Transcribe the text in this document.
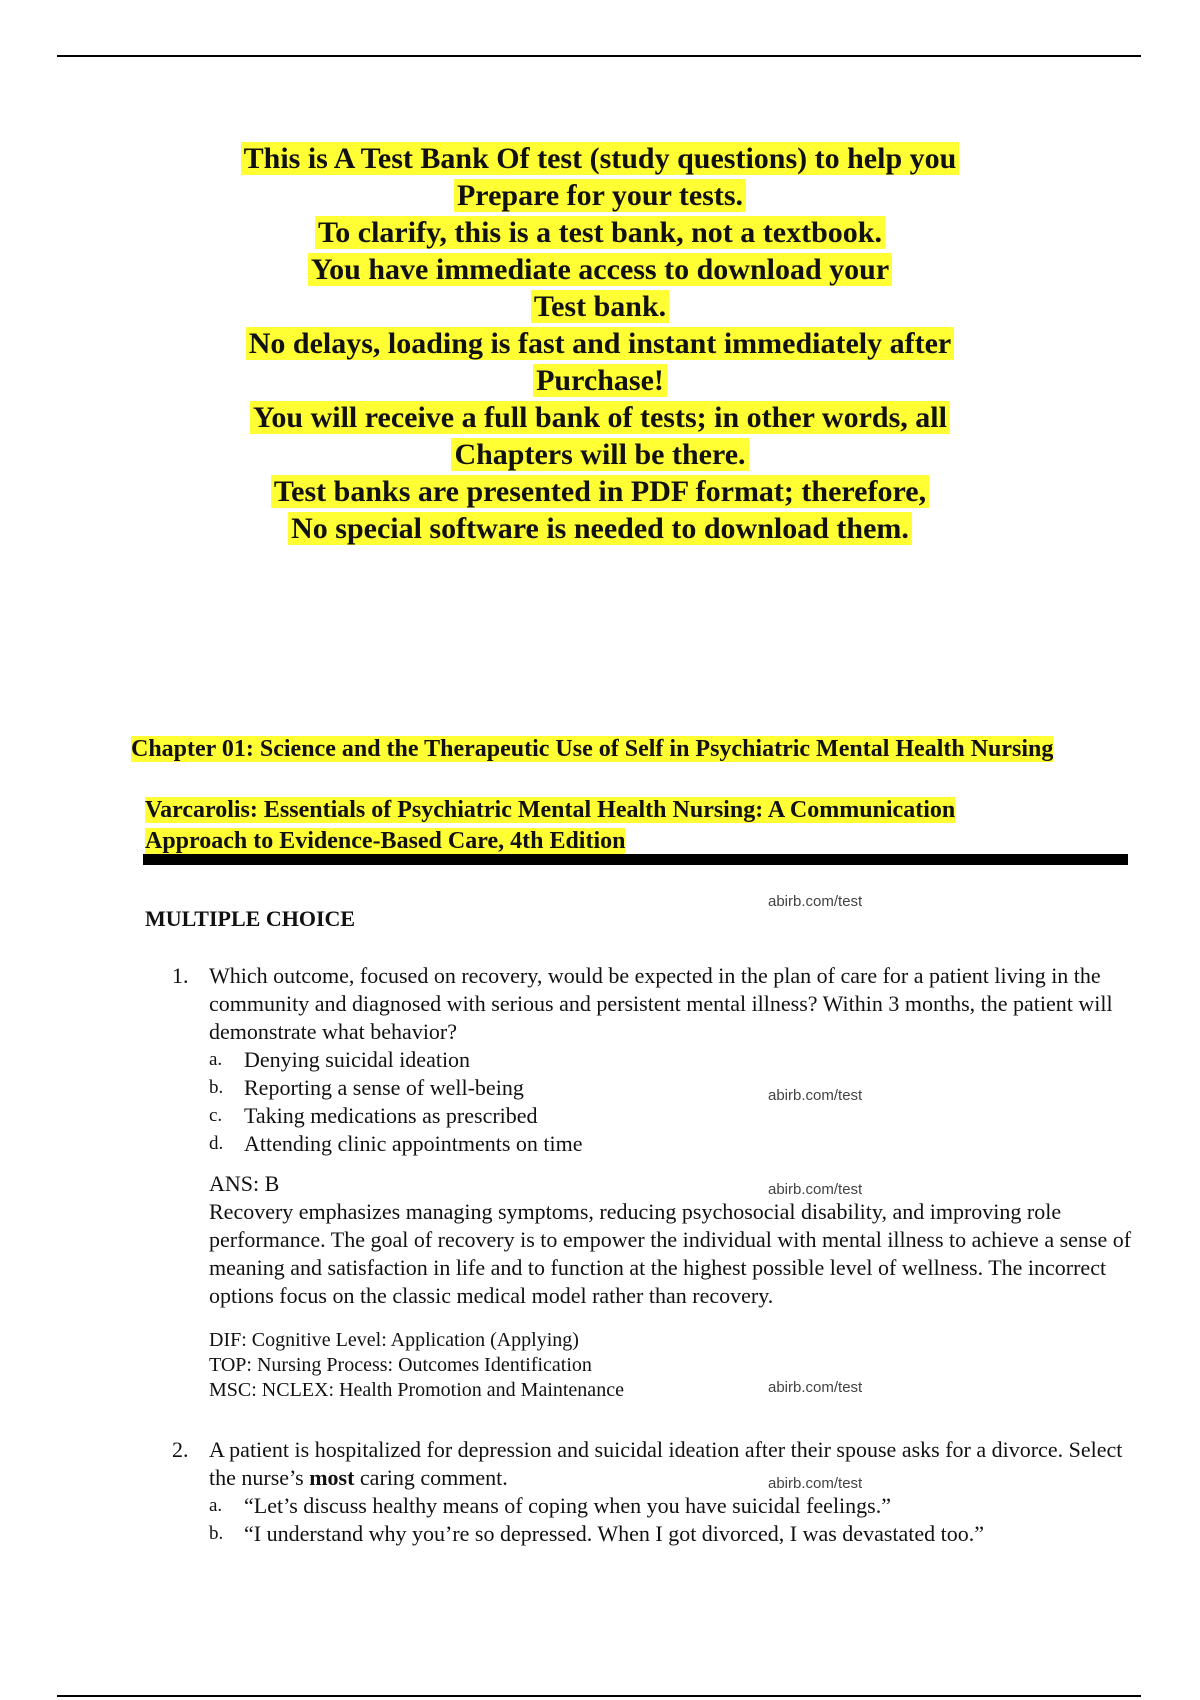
This is A Test Bank Of test (study questions) to help you
Prepare for your tests.
To clarify, this is a test bank, not a textbook.
You have immediate access to download your
Test bank.
No delays, loading is fast and instant immediately after
Purchase!
You will receive a full bank of tests; in other words, all
Chapters will be there.
Test banks are presented in PDF format; therefore,
No special software is needed to download them.
Chapter 01: Science and the Therapeutic Use of Self in Psychiatric Mental Health Nursing
Varcarolis: Essentials of Psychiatric Mental Health Nursing: A Communication Approach to Evidence-Based Care, 4th Edition
abirb.com/test
abirb.com/test
abirb.com/test
abirb.com/test
abirb.com/test
MULTIPLE CHOICE
1. Which outcome, focused on recovery, would be expected in the plan of care for a patient living in the community and diagnosed with serious and persistent mental illness? Within 3 months, the patient will demonstrate what behavior?
a. Denying suicidal ideation
b. Reporting a sense of well-being
c. Taking medications as prescribed
d. Attending clinic appointments on time
ANS: B
Recovery emphasizes managing symptoms, reducing psychosocial disability, and improving role performance. The goal of recovery is to empower the individual with mental illness to achieve a sense of meaning and satisfaction in life and to function at the highest possible level of wellness. The incorrect options focus on the classic medical model rather than recovery.
DIF: Cognitive Level: Application (Applying)
TOP: Nursing Process: Outcomes Identification
MSC: NCLEX: Health Promotion and Maintenance
2. A patient is hospitalized for depression and suicidal ideation after their spouse asks for a divorce. Select the nurse’s most caring comment.
a. “Let’s discuss healthy means of coping when you have suicidal feelings.”
b. “I understand why you’re so depressed. When I got divorced, I was devastated too.”
